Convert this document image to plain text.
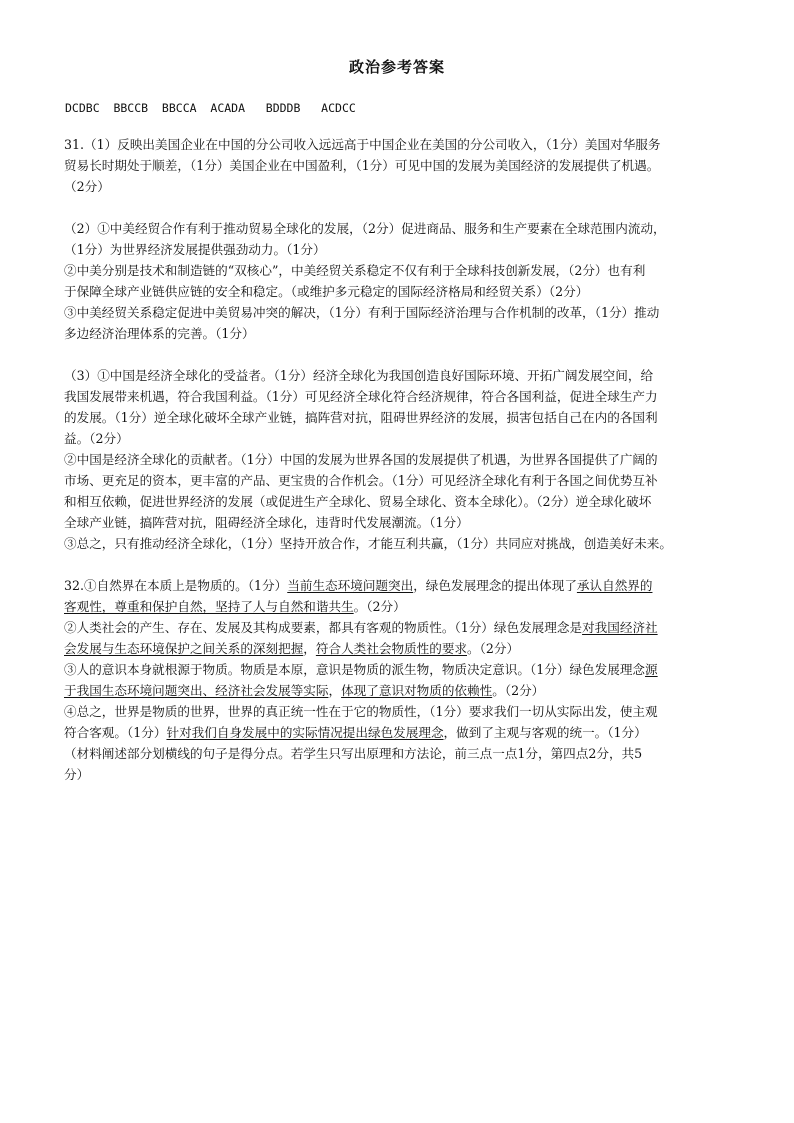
政治参考答案
DCDBC  BBCCB  BBCCA  ACADA   BDDDB   ACDCC
31.（1）反映出美国企业在中国的分公司收入远远高于中国企业在美国的分公司收入，（1分）美国对华服务
贸易长时期处于顺差，（1分）美国企业在中国盈利，（1分）可见中国的发展为美国经济的发展提供了机遇。
（2分）
（2）①中美经贸合作有利于推动贸易全球化的发展，（2分）促进商品、服务和生产要素在全球范围内流动，
（1分）为世界经济发展提供强劲动力。（1分）
②中美分别是技术和制造链的“双核心”，中美经贸关系稳定不仅有利于全球科技创新发展，（2分）也有利
于保障全球产业链供应链的安全和稳定。（或维护多元稳定的国际经济格局和经贸关系）（2分）
③中美经贸关系稳定促进中美贸易冲突的解决，（1分）有利于国际经济治理与合作机制的改革，（1分）推动
多边经济治理体系的完善。（1分）
（3）①中国是经济全球化的受益者。（1分）经济全球化为我国创造良好国际环境、开拓广阔发展空间，给
我国发展带来机遇，符合我国利益。（1分）可见经济全球化符合经济规律，符合各国利益，促进全球生产力
的发展。（1分）逆全球化破坏全球产业链，搞阵营对抗，阻碍世界经济的发展，损害包括自己在内的各国利
益。（2分）
②中国是经济全球化的贡献者。（1分）中国的发展为世界各国的发展提供了机遇，为世界各国提供了广阔的
市场、更充足的资本，更丰富的产品、更宝贵的合作机会。（1分）可见经济全球化有利于各国之间优势互补
和相互依赖，促进世界经济的发展（或促进生产全球化、贸易全球化、资本全球化）。（2分）逆全球化破坏
全球产业链，搞阵营对抗，阻碍经济全球化，违背时代发展潮流。（1分）
③总之，只有推动经济全球化，（1分）坚持开放合作，才能互利共赢，（1分）共同应对挑战，创造美好未来。
32.①自然界在本质上是物质的。（1分）当前生态环境问题突出，绿色发展理念的提出体现了承认自然界的
客观性，尊重和保护自然，坚持了人与自然和谐共生。（2分）
②人类社会的产生、存在、发展及其构成要素，都具有客观的物质性。（1分）绿色发展理念是对我国经济社
会发展与生态环境保护之间关系的深刻把握，符合人类社会物质性的要求。（2分）
③人的意识本身就根源于物质。物质是本原，意识是物质的派生物，物质决定意识。（1分）绿色发展理念源
于我国生态环境问题突出、经济社会发展等实际，体现了意识对物质的依赖性。（2分）
④总之，世界是物质的世界，世界的真正统一性在于它的物质性，（1分）要求我们一切从实际出发，使主观
符合客观。（1分）针对我们自身发展中的实际情况提出绿色发展理念，做到了主观与客观的统一。（1分）
（材料阐述部分划横线的句子是得分点。若学生只写出原理和方法论，前三点一点1分，第四点2分，共5
分）
